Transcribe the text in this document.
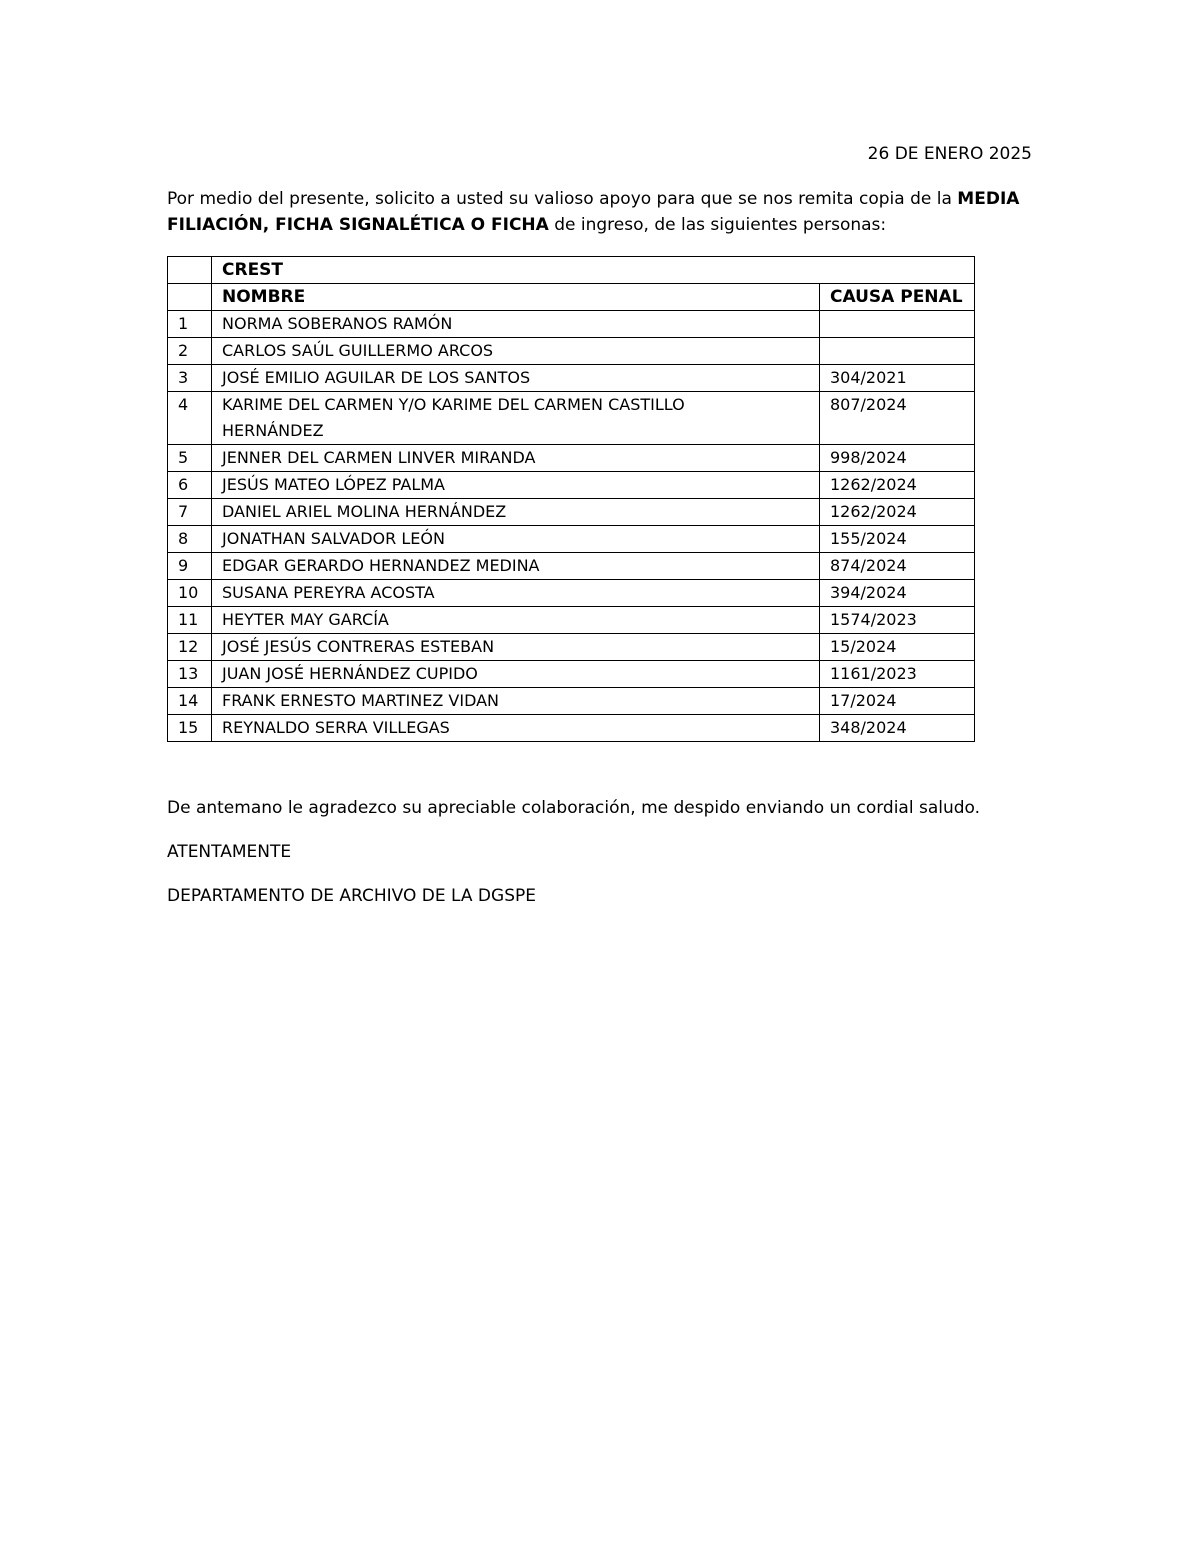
26 DE ENERO 2025
Por medio del presente, solicito a usted su valioso apoyo para que se nos remita copia de la MEDIA FILIACIÓN, FICHA SIGNALÉTICA O FICHA de ingreso, de las siguientes personas:
	CREST	
	NOMBRE	CAUSA PENAL
1	NORMA SOBERANOS RAMÓN	
2	CARLOS SAÚL GUILLERMO ARCOS	
3	JOSÉ EMILIO AGUILAR DE LOS SANTOS	304/2021
4	KARIME DEL CARMEN Y/O KARIME DEL CARMEN CASTILLO HERNÁNDEZ	807/2024
5	JENNER DEL CARMEN LINVER MIRANDA	998/2024
6	JESÚS MATEO LÓPEZ PALMA	1262/2024
7	DANIEL ARIEL MOLINA HERNÁNDEZ	1262/2024
8	JONATHAN SALVADOR LEÓN	155/2024
9	EDGAR GERARDO HERNANDEZ MEDINA	874/2024
10	SUSANA PEREYRA ACOSTA	394/2024
11	HEYTER MAY GARCÍA	1574/2023
12	JOSÉ JESÚS CONTRERAS ESTEBAN	15/2024
13	JUAN JOSÉ HERNÁNDEZ CUPIDO	1161/2023
14	FRANK ERNESTO MARTINEZ VIDAN	17/2024
15	REYNALDO SERRA VILLEGAS	348/2024
De antemano le agradezco su apreciable colaboración, me despido enviando un cordial saludo.
ATENTAMENTE
DEPARTAMENTO DE ARCHIVO DE LA DGSPE
